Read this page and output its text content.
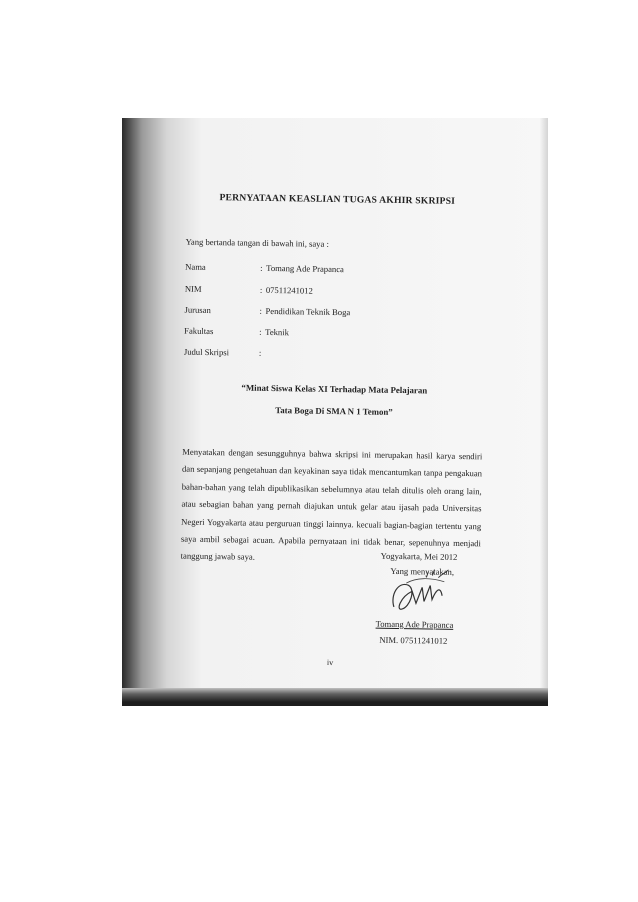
PERNYATAAN KEASLIAN TUGAS AKHIR SKRIPSI
Yang bertanda tangan di bawah ini, saya :
Nama	: Tomang Ade Prapanca
NIM	: 07511241012
Jurusan	: Pendidikan Teknik Boga
Fakultas	: Teknik
Judul Skripsi	:
“Minat Siswa Kelas XI Terhadap Mata Pelajaran
Tata Boga Di SMA N 1 Temon”
Menyatakan dengan sesungguhnya bahwa skripsi ini merupakan hasil karya sendiri dan sepanjang pengetahuan dan keyakinan saya tidak mencantumkan tanpa pengakuan bahan-bahan yang telah dipublikasikan sebelumnya atau telah ditulis oleh orang lain, atau sebagian bahan yang pernah diajukan untuk gelar atau ijasah pada Universitas Negeri Yogyakarta atau perguruan tinggi lainnya. kecuali bagian-bagian tertentu yang saya ambil sebagai acuan. Apabila pernyataan ini tidak benar, sepenuhnya menjadi tanggung jawab saya.	Yogyakarta, Mei 2012
Yang menyatakan,
Tomang Ade Prapanca
NIM. 07511241012
iv
